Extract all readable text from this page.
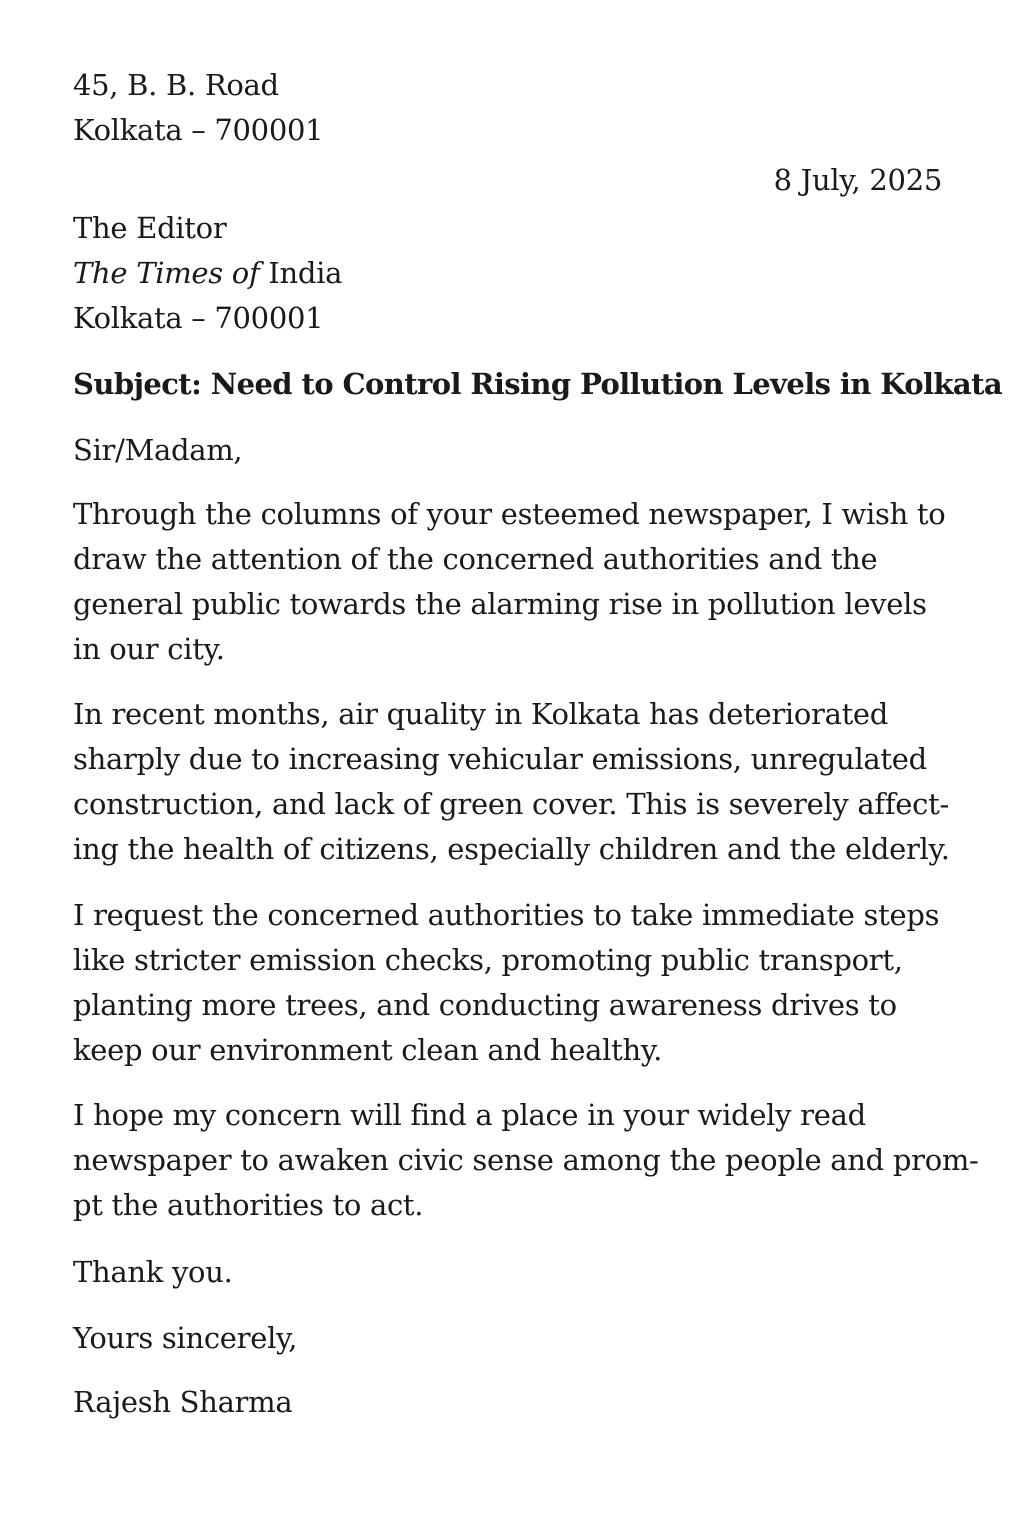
45, B. B. Road
Kolkata – 700001
8 July, 2025
The Editor
The Times of India
Kolkata – 700001
Subject: Need to Control Rising Pollution Levels in Kolkata
Sir/Madam,
Through the columns of your esteemed newspaper, I wish to
draw the attention of the concerned authorities and the
general public towards the alarming rise in pollution levels
in our city.
In recent months, air quality in Kolkata has deteriorated
sharply due to increasing vehicular emissions, unregulated
construction, and lack of green cover. This is severely affect-
ing the health of citizens, especially children and the elderly.
I request the concerned authorities to take immediate steps
like stricter emission checks, promoting public transport,
planting more trees, and conducting awareness drives to
keep our environment clean and healthy.
I hope my concern will find a place in your widely read
newspaper to awaken civic sense among the people and prom-
pt the authorities to act.
Thank you.
Yours sincerely,
Rajesh Sharma
